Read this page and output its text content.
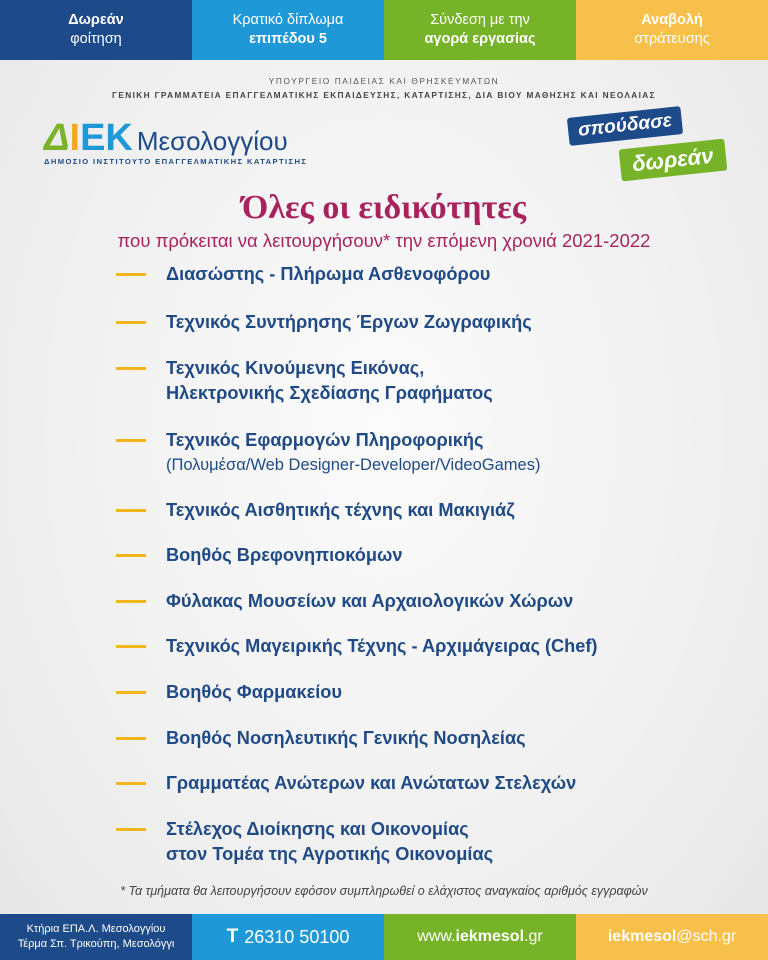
Δωρεάν
φοίτηση
Κρατικό δίπλωμα
επιπέδου 5
Σύνδεση με την
αγορά εργασίας
Αναβολή
στράτευσης
ΥΠΟΥΡΓΕΙΟ ΠΑΙΔΕΙΑΣ ΚΑΙ ΘΡΗΣΚΕΥΜΑΤΩΝ
ΓΕΝΙΚΗ ΓΡΑΜΜΑΤΕΙΑ ΕΠΑΓΓΕΛΜΑΤΙΚΗΣ ΕΚΠΑΙΔΕΥΣΗΣ, ΚΑΤΑΡΤΙΣΗΣ, ΔΙΑ ΒΙΟΥ ΜΑΘΗΣΗΣ ΚΑΙ ΝΕΟΛΑΙΑΣ
Δ I EK Μεσολογγίου
ΔΗΜΟΣΙΟ ΙΝΣΤΙΤΟΥΤΟ ΕΠΑΓΓΕΛΜΑΤΙΚΗΣ ΚΑΤΑΡΤΙΣΗΣ
σπούδασε
δωρεάν
Όλες οι ειδικότητες
που πρόκειται να λειτουργήσουν* την επόμενη χρονιά 2021-2022
Διασώστης - Πλήρωμα Ασθενοφόρου
Τεχνικός Συντήρησης Έργων Ζωγραφικής
Τεχνικός Κινούμενης Εικόνας,
Ηλεκτρονικής Σχεδίασης Γραφήματος
Τεχνικός Εφαρμογών Πληροφορικής
(Πολυμέσα/Web Designer-Developer/VideoGames)
Τεχνικός Αισθητικής τέχνης και Μακιγιάζ
Βοηθός Βρεφονηπιοκόμων
Φύλακας Μουσείων και Αρχαιολογικών Χώρων
Τεχνικός Μαγειρικής Τέχνης - Αρχιμάγειρας (Chef)
Βοηθός Φαρμακείου
Βοηθός Νοσηλευτικής Γενικής Νοσηλείας
Γραμματέας Ανώτερων και Ανώτατων Στελεχών
Στέλεχος Διοίκησης και Οικονομίας
στον Τομέα της Αγροτικής Οικονομίας
* Τα τμήματα θα λειτουργήσουν εφόσον συμπληρωθεί ο ελάχιστος αναγκαίος αριθμός εγγραφών
Κτήρια ΕΠΑ.Λ. Μεσολογγίου
Τέρμα Σπ. Τρικούπη, Μεσολόγγι	T 26310 50100	www. iekmesol .gr	iekmesol @sch.gr
